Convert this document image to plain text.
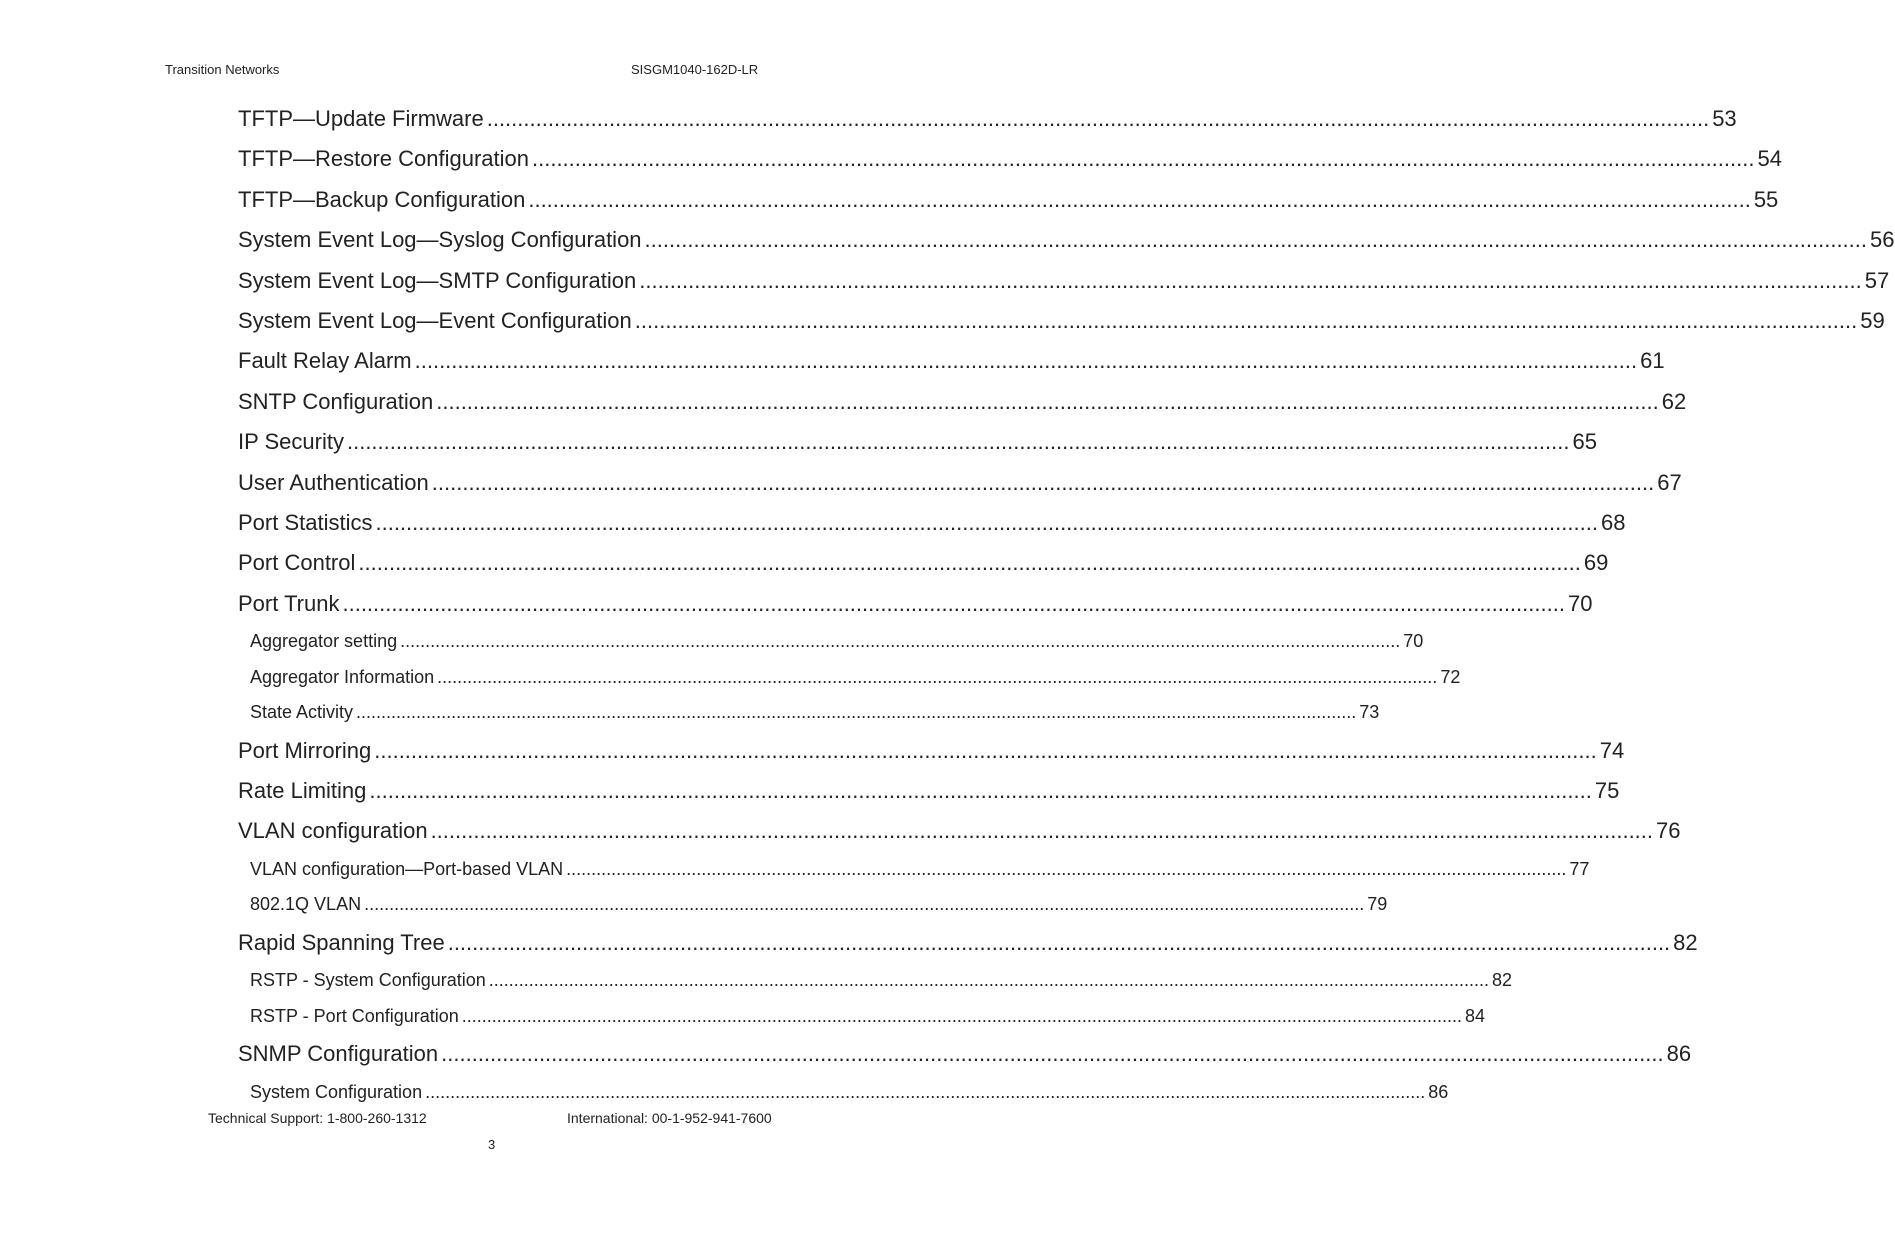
Transition Networks	SISGM1040-162D-LR
TFTP—Update Firmware ........................................................................................................................................................................................................ 53
TFTP—Restore Configuration ........................................................................................................................................................................................................ 54
TFTP—Backup Configuration ........................................................................................................................................................................................................ 55
System Event Log—Syslog Configuration ........................................................................................................................................................................................................ 56
System Event Log—SMTP Configuration ........................................................................................................................................................................................................ 57
System Event Log—Event Configuration ........................................................................................................................................................................................................ 59
Fault Relay Alarm ........................................................................................................................................................................................................ 61
SNTP Configuration ........................................................................................................................................................................................................ 62
IP Security ........................................................................................................................................................................................................ 65
User Authentication ........................................................................................................................................................................................................ 67
Port Statistics ........................................................................................................................................................................................................ 68
Port Control ........................................................................................................................................................................................................ 69
Port Trunk ........................................................................................................................................................................................................ 70
Aggregator setting ........................................................................................................................................................................................................ 70
Aggregator Information ........................................................................................................................................................................................................ 72
State Activity ........................................................................................................................................................................................................ 73
Port Mirroring ........................................................................................................................................................................................................ 74
Rate Limiting ........................................................................................................................................................................................................ 75
VLAN configuration ........................................................................................................................................................................................................ 76
VLAN configuration—Port-based VLAN ........................................................................................................................................................................................................ 77
802.1Q VLAN ........................................................................................................................................................................................................ 79
Rapid Spanning Tree ........................................................................................................................................................................................................ 82
RSTP - System Configuration ........................................................................................................................................................................................................ 82
RSTP - Port Configuration ........................................................................................................................................................................................................ 84
SNMP Configuration ........................................................................................................................................................................................................ 86
System Configuration ........................................................................................................................................................................................................ 86
Technical Support: 1-800-260-1312	International: 00-1-952-941-7600
3
